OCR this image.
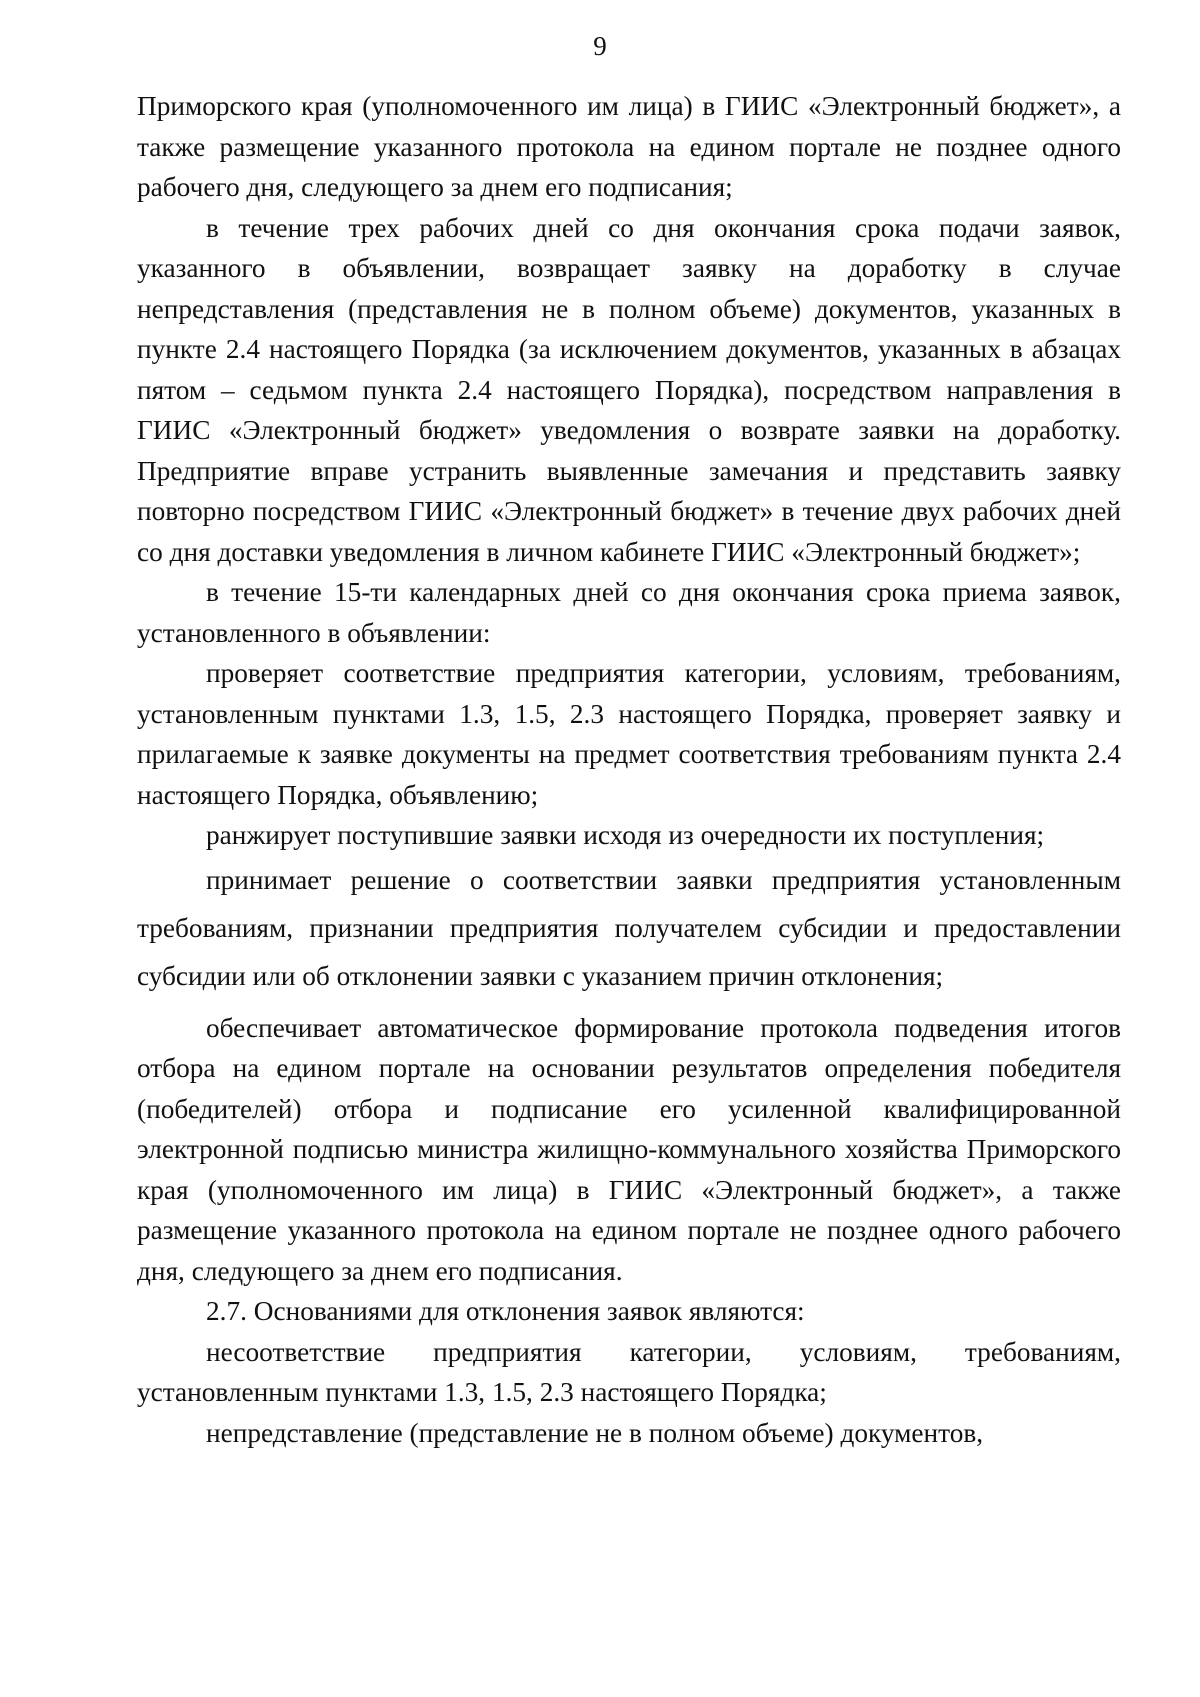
9

Приморского края (уполномоченного им лица) в ГИИС «Электронный бюджет», а также размещение указанного протокола на едином портале не позднее одного рабочего дня, следующего за днем его подписания;

в течение трех рабочих дней со дня окончания срока подачи заявок, указанного в объявлении, возвращает заявку на доработку в случае непредставления (представления не в полном объеме) документов, указанных в пункте 2.4 настоящего Порядка (за исключением документов, указанных в абзацах пятом – седьмом пункта 2.4 настоящего Порядка), посредством направления в ГИИС «Электронный бюджет» уведомления о возврате заявки на доработку. Предприятие вправе устранить выявленные замечания и представить заявку повторно посредством ГИИС «Электронный бюджет» в течение двух рабочих дней со дня доставки уведомления в личном кабинете ГИИС «Электронный бюджет»;

в течение 15-ти календарных дней со дня окончания срока приема заявок, установленного в объявлении:

проверяет соответствие предприятия категории, условиям, требованиям, установленным пунктами 1.3, 1.5, 2.3 настоящего Порядка, проверяет заявку и прилагаемые к заявке документы на предмет соответствия требованиям пункта 2.4 настоящего Порядка, объявлению;

ранжирует поступившие заявки исходя из очередности их поступления;

принимает решение о соответствии заявки предприятия установленным требованиям, признании предприятия получателем субсидии и предоставлении субсидии или об отклонении заявки с указанием причин отклонения;

обеспечивает автоматическое формирование протокола подведения итогов отбора на едином портале на основании результатов определения победителя (победителей) отбора и подписание его усиленной квалифицированной электронной подписью министра жилищно-коммунального хозяйства Приморского края (уполномоченного им лица) в ГИИС «Электронный бюджет», а также размещение указанного протокола на едином портале не позднее одного рабочего дня, следующего за днем его подписания.

2.7. Основаниями для отклонения заявок являются:

несоответствие предприятия категории, условиям, требованиям, установленным пунктами 1.3, 1.5, 2.3 настоящего Порядка;

непредставление (представление не в полном объеме) документов,
